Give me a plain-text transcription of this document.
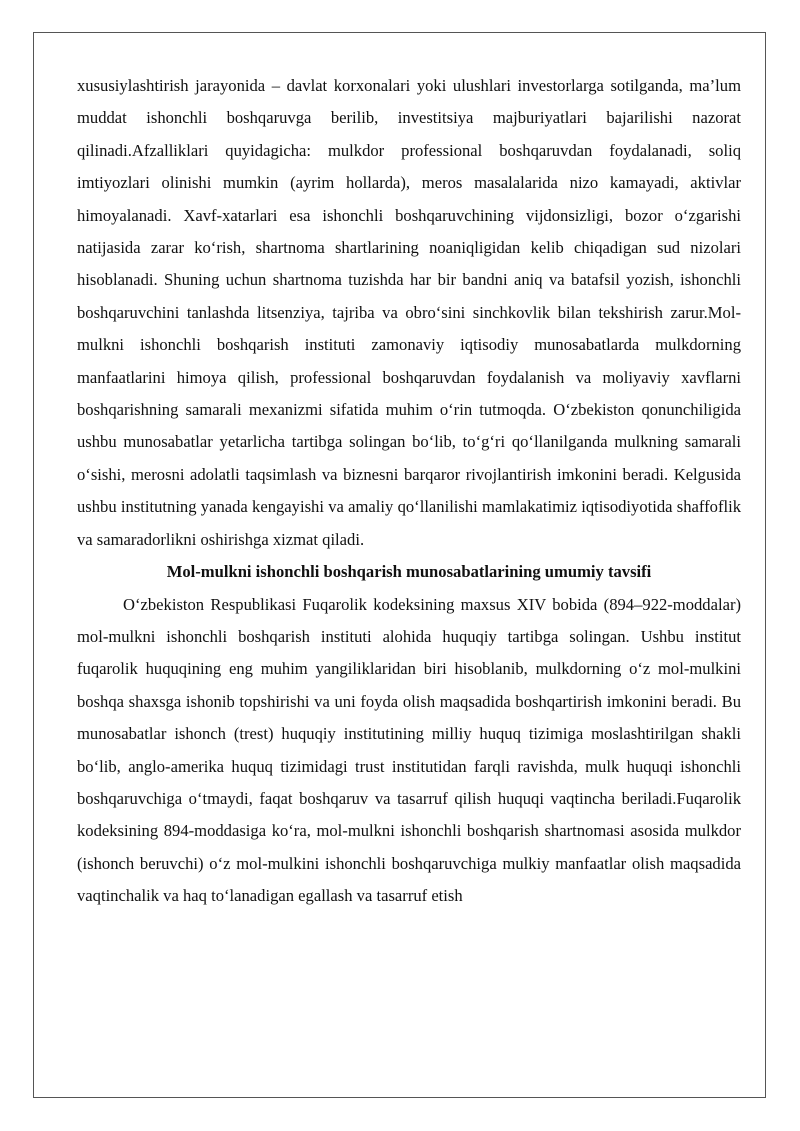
xususiylashtirish jarayonida – davlat korxonalari yoki ulushlari investorlarga sotilganda, ma’lum muddat ishonchli boshqaruvga berilib, investitsiya majburiyatlari bajarilishi nazorat qilinadi.Afzalliklari quyidagicha: mulkdor professional boshqaruvdan foydalanadi, soliq imtiyozlari olinishi mumkin (ayrim hollarda), meros masalalarida nizo kamayadi, aktivlar himoyalanadi. Xavf-xatarlari esa ishonchli boshqaruvchining vijdonsizligi, bozor o‘zgarishi natijasida zarar ko‘rish, shartnoma shartlarining noaniqligidan kelib chiqadigan sud nizolari hisoblanadi. Shuning uchun shartnoma tuzishda har bir bandni aniq va batafsil yozish, ishonchli boshqaruvchini tanlashda litsenziya, tajriba va obro‘sini sinchkovlik bilan tekshirish zarur.Mol-mulkni ishonchli boshqarish instituti zamonaviy iqtisodiy munosabatlarda mulkdorning manfaatlarini himoya qilish, professional boshqaruvdan foydalanish va moliyaviy xavflarni boshqarishning samarali mexanizmi sifatida muhim o‘rin tutmoqda. O‘zbekiston qonunchiligida ushbu munosabatlar yetarlicha tartibga solingan bo‘lib, to‘g‘ri qo‘llanilganda mulkning samarali o‘sishi, merosni adolatli taqsimlash va biznesni barqaror rivojlantirish imkonini beradi. Kelgusida ushbu institutning yanada kengayishi va amaliy qo‘llanilishi mamlakatimiz iqtisodiyotida shaffoflik va samaradorlikni oshirishga xizmat qiladi.

Mol-mulkni ishonchli boshqarish munosabatlarining umumiy tavsifi

O‘zbekiston Respublikasi Fuqarolik kodeksining maxsus XIV bobida (894–922-moddalar) mol-mulkni ishonchli boshqarish instituti alohida huquqiy tartibga solingan. Ushbu institut fuqarolik huquqining eng muhim yangiliklaridan biri hisoblanib, mulkdorning o‘z mol-mulkini boshqa shaxsga ishonib topshirishi va uni foyda olish maqsadida boshqartirish imkonini beradi. Bu munosabatlar ishonch (trest) huquqiy institutining milliy huquq tizimiga moslashtirilgan shakli bo‘lib, anglo-amerika huquq tizimidagi trust institutidan farqli ravishda, mulk huquqi ishonchli boshqaruvchiga o‘tmaydi, faqat boshqaruv va tasarruf qilish huquqi vaqtincha beriladi.Fuqarolik kodeksining 894-moddasiga ko‘ra, mol-mulkni ishonchli boshqarish shartnomasi asosida mulkdor (ishonch beruvchi) o‘z mol-mulkini ishonchli boshqaruvchiga mulkiy manfaatlar olish maqsadida vaqtinchalik va haq to‘lanadigan egallash va tasarruf etish
